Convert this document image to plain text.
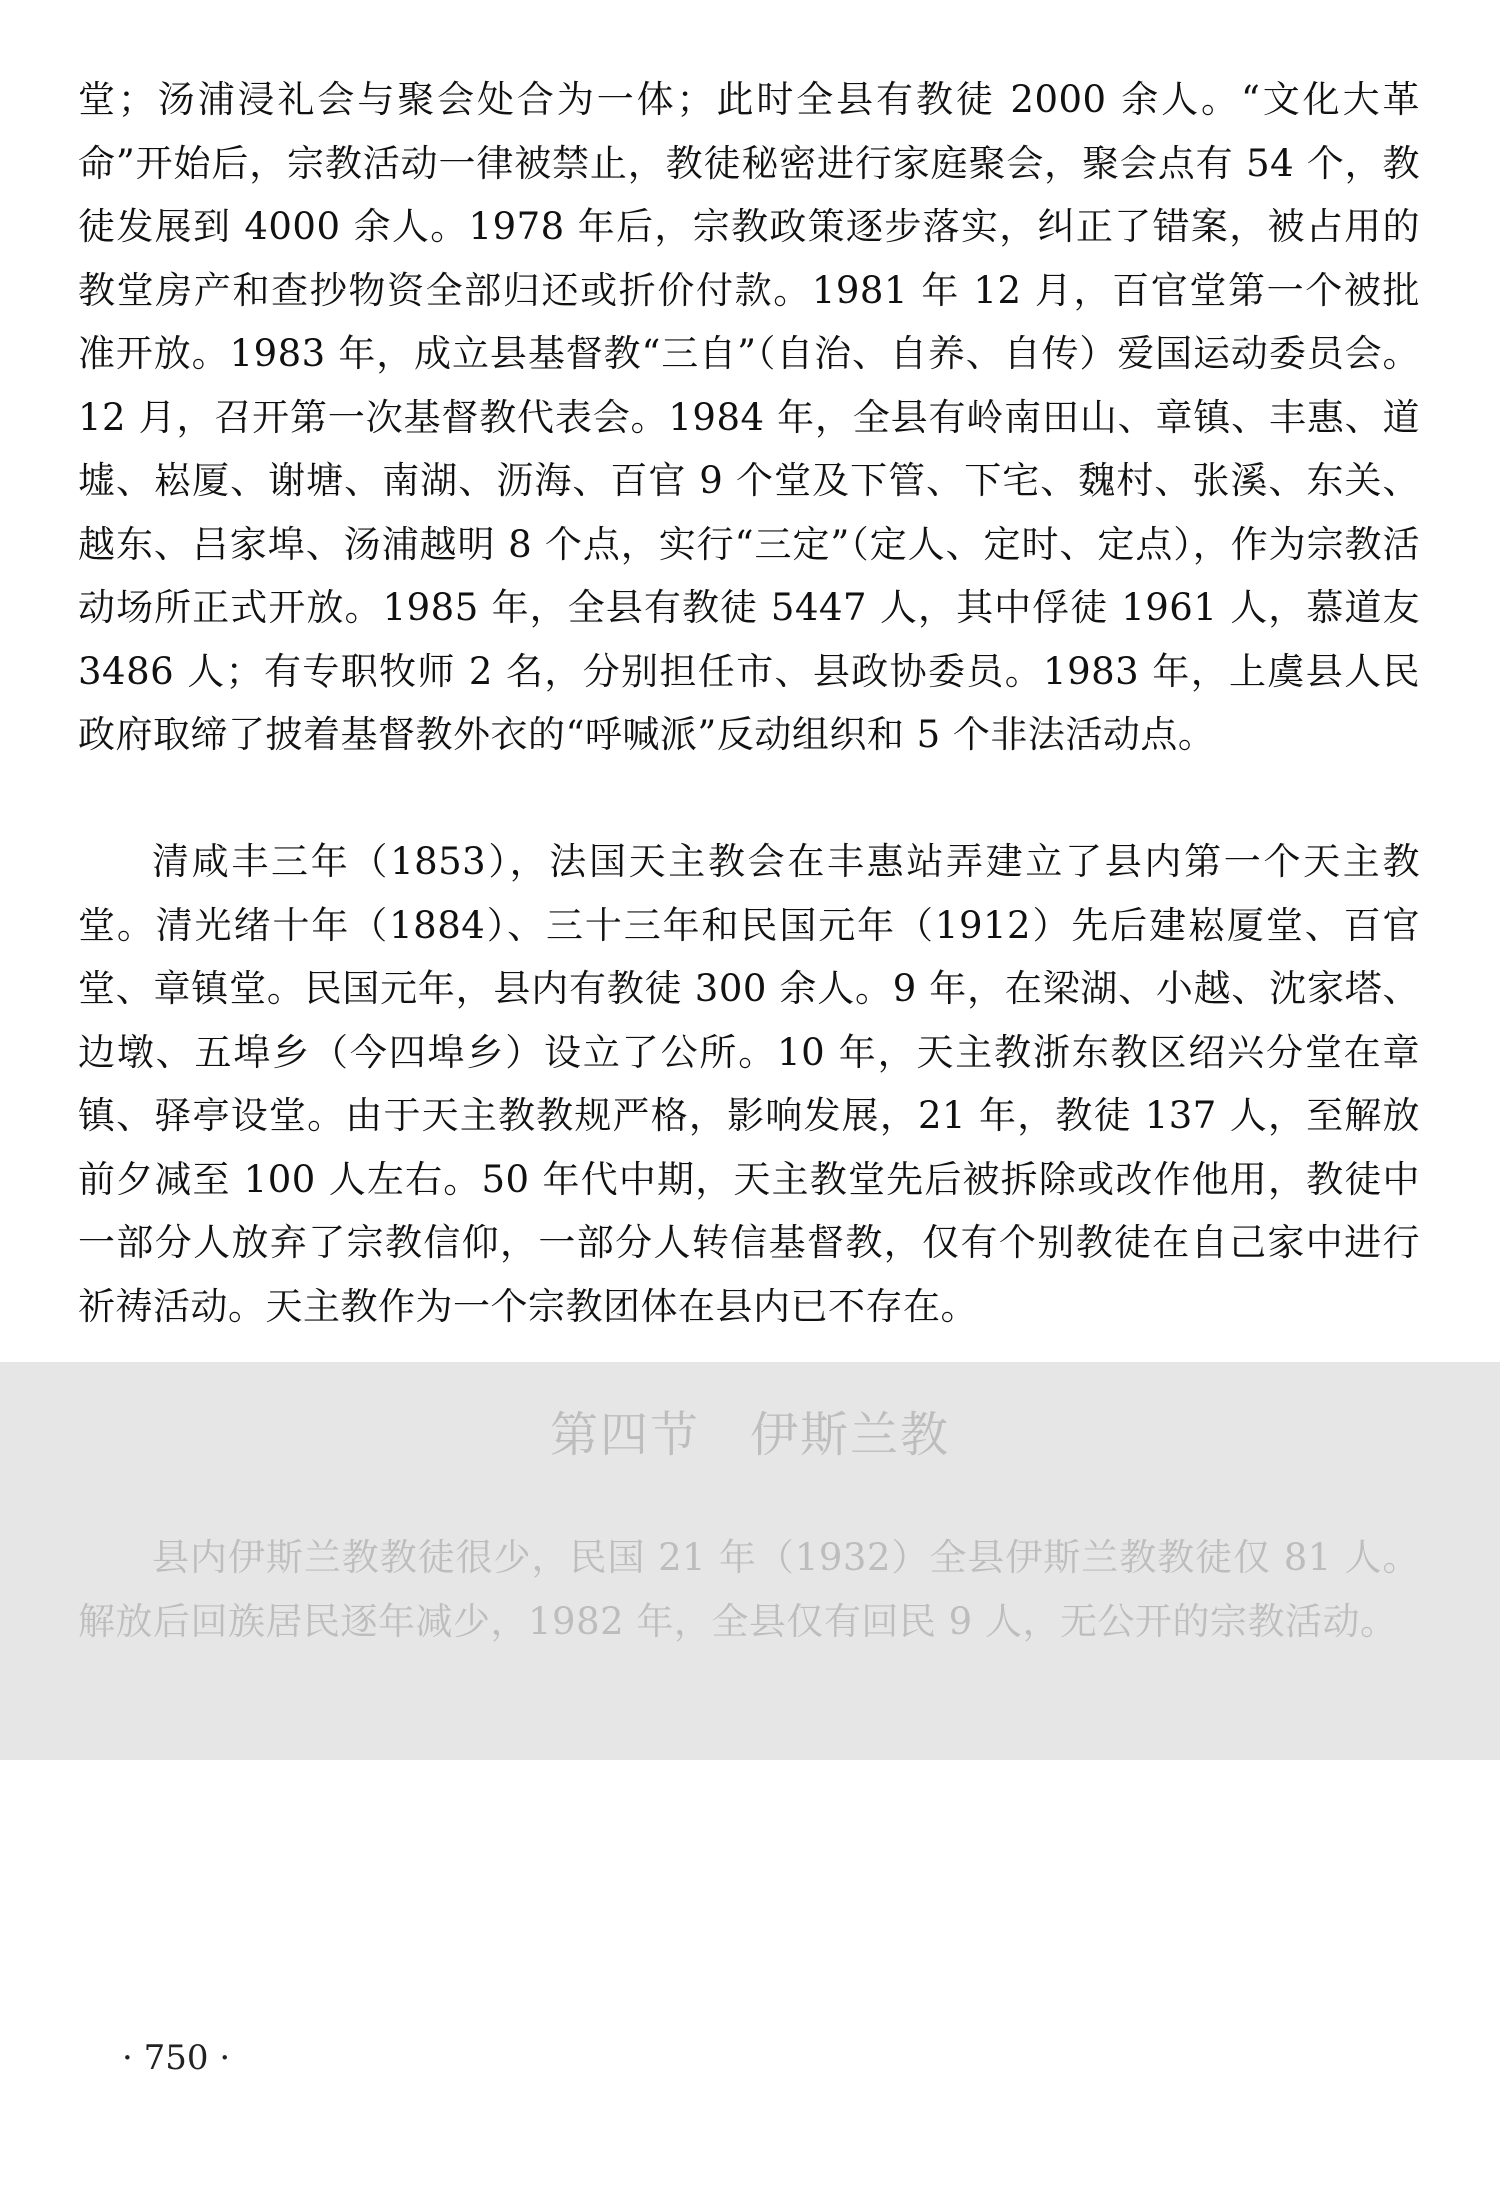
堂；汤浦浸礼会与聚会处合为一体；此时全县有教徒 2000 余人。“文化大革命”开始后，宗教活动一律被禁止，教徒秘密进行家庭聚会，聚会点有 54 个，教徒发展到 4000 余人。1978 年后，宗教政策逐步落实，纠正了错案，被占用的教堂房产和查抄物资全部归还或折价付款。1981 年 12 月，百官堂第一个被批准开放。1983 年，成立县基督教“三自”（自治、自养、自传）爱国运动委员会。12 月，召开第一次基督教代表会。1984 年，全县有岭南田山、章镇、丰惠、道墟、崧厦、谢塘、南湖、沥海、百官 9 个堂及下管、下宅、魏村、张溪、东关、越东、吕家埠、汤浦越明 8 个点，实行“三定”（定人、定时、定点），作为宗教活动场所正式开放。1985 年，全县有教徒 5447 人，其中俘徒 1961 人，慕道友 3486 人；有专职牧师 2 名，分别担任市、县政协委员。1983 年，上虞县人民政府取缔了披着基督教外衣的“呼喊派”反动组织和 5 个非法活动点。

清咸丰三年（1853），法国天主教会在丰惠站弄建立了县内第一个天主教堂。清光绪十年（1884）、三十三年和民国元年（1912）先后建崧厦堂、百官堂、章镇堂。民国元年，县内有教徒 300 余人。9 年，在梁湖、小越、沈家塔、边墩、五埠乡（今四埠乡）设立了公所。10 年，天主教浙东教区绍兴分堂在章镇、驿亭设堂。由于天主教教规严格，影响发展，21 年，教徒 137 人，至解放前夕减至 100 人左右。50 年代中期，天主教堂先后被拆除或改作他用，教徒中一部分人放弃了宗教信仰，一部分人转信基督教，仅有个别教徒在自己家中进行祈祷活动。天主教作为一个宗教团体在县内已不存在。

第四节　伊斯兰教

县内伊斯兰教教徒很少，民国 21 年（1932）全县伊斯兰教教徒仅 81 人。解放后回族居民逐年减少，1982 年，全县仅有回民 9 人，无公开的宗教活动。

· 750 ·
